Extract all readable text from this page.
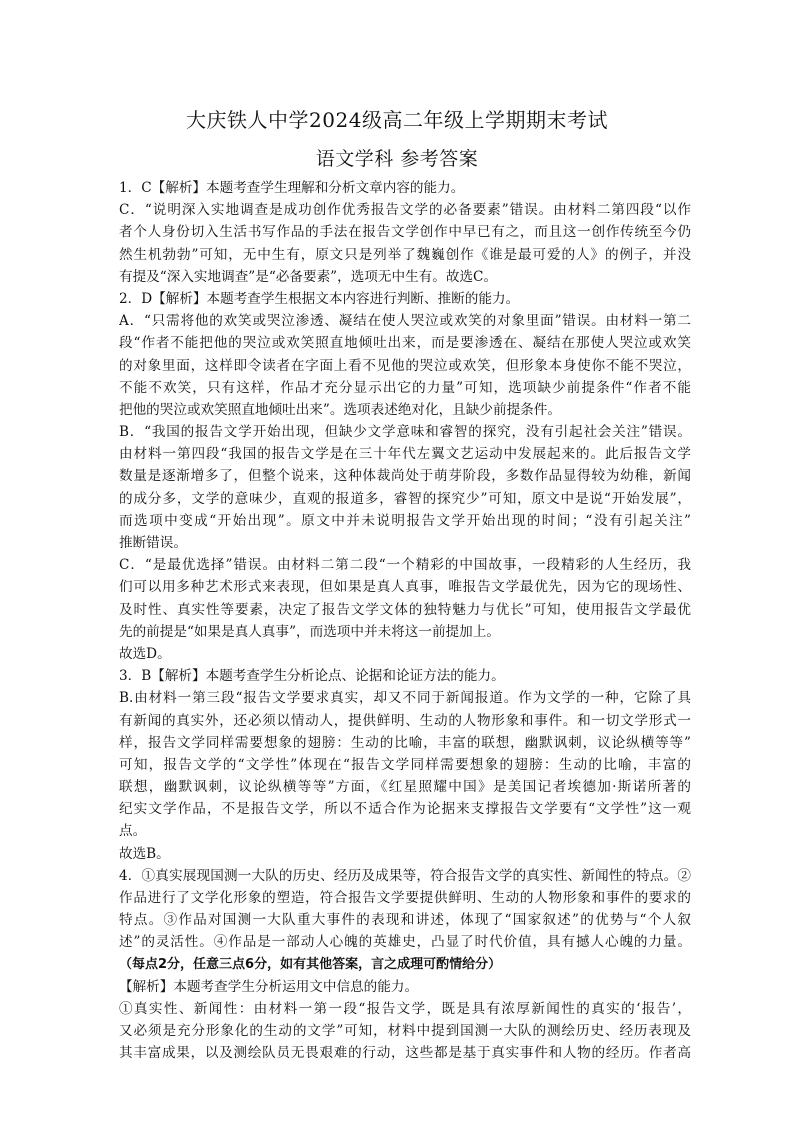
大庆铁人中学2024级高二年级上学期期末考试
语文学科 参考答案
1．C【解析】本题考查学生理解和分析文章内容的能力。
C．“说明深入实地调查是成功创作优秀报告文学的必备要素”错误。由材料二第四段“以作
者个人身份切入生活书写作品的手法在报告文学创作中早已有之，而且这一创作传统至今仍
然生机勃勃”可知，无中生有，原文只是列举了魏巍创作《谁是最可爱的人》的例子，并没
有提及“深入实地调查”是“必备要素”，选项无中生有。故选C。
2．D【解析】本题考查学生根据文本内容进行判断、推断的能力。
A．“只需将他的欢笑或哭泣渗透、凝结在使人哭泣或欢笑的对象里面”错误。由材料一第二
段“作者不能把他的哭泣或欢笑照直地倾吐出来，而是要渗透在、凝结在那使人哭泣或欢笑
的对象里面，这样即令读者在字面上看不见他的哭泣或欢笑，但形象本身使你不能不哭泣，
不能不欢笑，只有这样，作品才充分显示出它的力量”可知，选项缺少前提条件“作者不能
把他的哭泣或欢笑照直地倾吐出来”。选项表述绝对化，且缺少前提条件。
B．“我国的报告文学开始出现，但缺少文学意味和睿智的探究，没有引起社会关注”错误。
由材料一第四段“我国的报告文学是在三十年代左翼文艺运动中发展起来的。此后报告文学
数量是逐渐增多了，但整个说来，这种体裁尚处于萌芽阶段，多数作品显得较为幼稚，新闻
的成分多，文学的意味少，直观的报道多，睿智的探究少”可知，原文中是说“开始发展”，
而选项中变成“开始出现”。原文中并未说明报告文学开始出现的时间；“没有引起关注”
推断错误。
C．“是最优选择”错误。由材料二第二段“一个精彩的中国故事，一段精彩的人生经历，我
们可以用多种艺术形式来表现，但如果是真人真事，唯报告文学最优先，因为它的现场性、
及时性、真实性等要素，决定了报告文学文体的独特魅力与优长”可知，使用报告文学最优
先的前提是“如果是真人真事”，而选项中并未将这一前提加上。
故选D。
3．B【解析】本题考查学生分析论点、论据和论证方法的能力。
B.由材料一第三段“报告文学要求真实，却又不同于新闻报道。作为文学的一种，它除了具
有新闻的真实外，还必须以情动人，提供鲜明、生动的人物形象和事件。和一切文学形式一
样，报告文学同样需要想象的翅膀：生动的比喻，丰富的联想，幽默讽刺，议论纵横等等”
可知，报告文学的“文学性”体现在“报告文学同样需要想象的翅膀：生动的比喻，丰富的
联想，幽默讽刺，议论纵横等等”方面，《红星照耀中国》是美国记者埃德加·斯诺所著的
纪实文学作品，不是报告文学，所以不适合作为论据来支撑报告文学要有“文学性”这一观
点。
故选B。
4．①真实展现国测一大队的历史、经历及成果等，符合报告文学的真实性、新闻性的特点。②
作品进行了文学化形象的塑造，符合报告文学要提供鲜明、生动的人物形象和事件的要求的
特点。③作品对国测一大队重大事件的表现和讲述，体现了“国家叙述”的优势与“个人叙
述”的灵活性。④作品是一部动人心魄的英雄史，凸显了时代价值，具有撼人心魄的力量。
（每点2分，任意三点6分，如有其他答案，言之成理可酌情给分）
【解析】本题考查学生分析运用文中信息的能力。
①真实性、新闻性：由材料一第一段“报告文学，既是具有浓厚新闻性的真实的‘报告’，
又必须是充分形象化的生动的文学”可知，材料中提到国测一大队的测绘历史、经历表现及
其丰富成果，以及测绘队员无畏艰难的行动，这些都是基于真实事件和人物的经历。作者高
